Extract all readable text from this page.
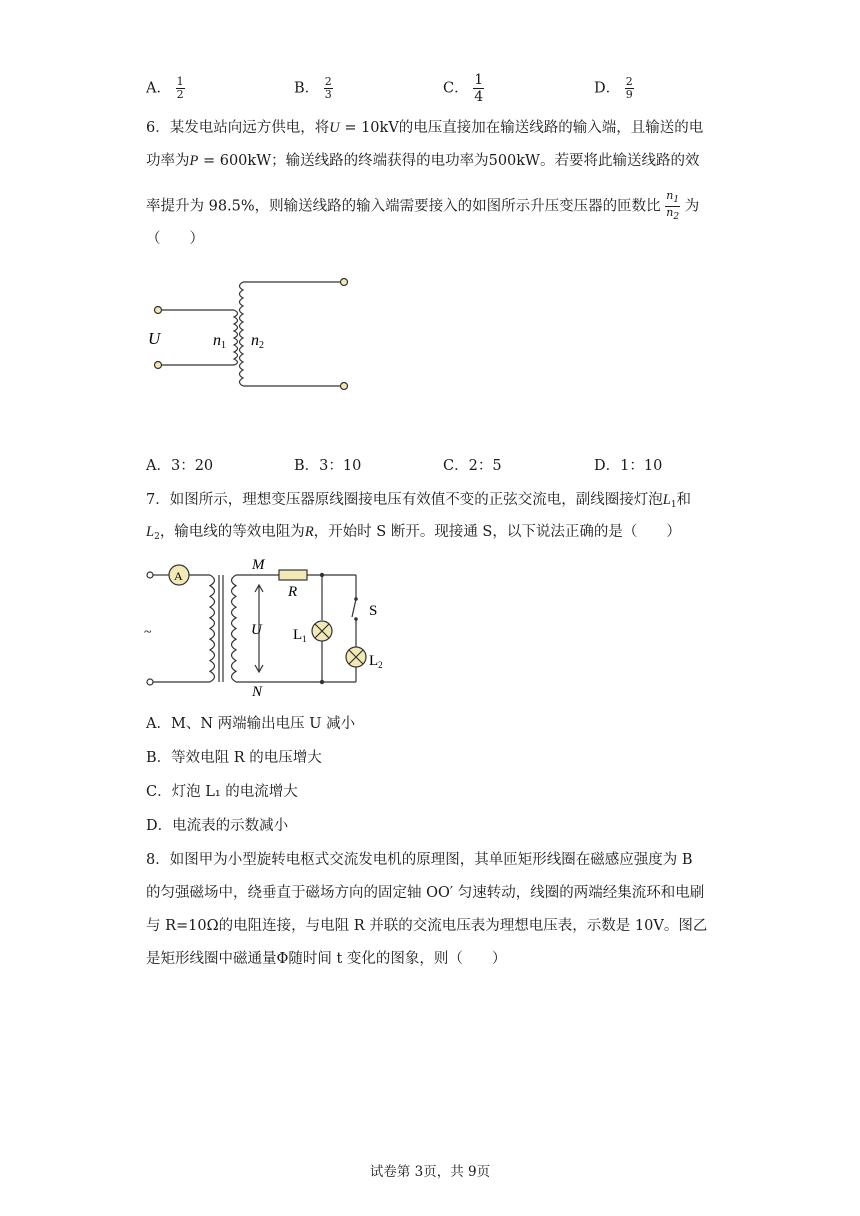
A． $\frac{1}{2}$	B． $\frac{2}{3}$	C． $\frac{1}{4}$	D． $\frac{2}{9}$
6．某发电站向远方供电，将U = 10kV的电压直接加在输送线路的输入端，且输送的电
功率为P = 600kW；输送线路的终端获得的电功率为500kW。若要将此输送线路的效
率提升为 98.5%，则输送线路的输入端需要接入的如图所示升压变压器的匝数比 $\frac{n_1}{n_2}$ 为
（　　）
U	n1 n2
A．3：20	B．3：10	C．2：5	D．1：10
7．如图所示，理想变压器原线圈接电压有效值不变的正弦交流电，副线圈接灯泡$L_1$和
$L_2$，输电线的等效电阻为R，开始时 S 断开。现接通 S，以下说法正确的是（　　）
A
~
M
N
R
U
S
$L_1$
$L_2$
A．M、N 两端输出电压 U 减小
B．等效电阻 R 的电压增大
C．灯泡 L₁ 的电流增大
D．电流表的示数减小
8．如图甲为小型旋转电枢式交流发电机的原理图，其单匝矩形线圈在磁感应强度为 B
的匀强磁场中，绕垂直于磁场方向的固定轴 OO′ 匀速转动，线圈的两端经集流环和电刷
与 R=10Ω的电阻连接，与电阻 R 并联的交流电压表为理想电压表，示数是 10V。图乙
是矩形线圈中磁通量Φ随时间 t 变化的图象，则（　　）
试卷第 3页，共 9页
